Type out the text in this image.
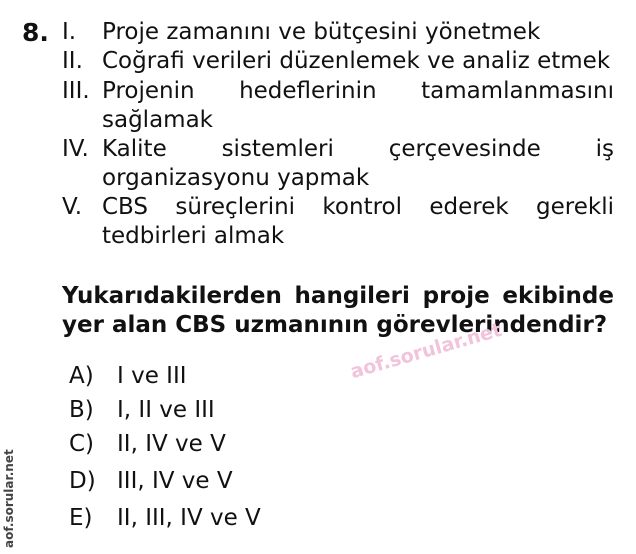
8. I. Proje zamanını ve bütçesini yönetmek
II. Coğrafi verileri düzenlemek ve analiz etmek
III. Projenin hedeflerinin tamamlanmasını sağlamak
IV. Kalite sistemleri çerçevesinde iş organizasyonu yapmak
V. CBS süreçlerini kontrol ederek gerekli tedbirleri almak
Yukarıdakilerden hangileri proje ekibinde yer alan CBS uzmanının görevlerindendir?
A) I ve III
B) I, II ve III
C) II, IV ve V
D) III, IV ve V
E) II, III, IV ve V
aof.sorular.net
aof.sorular.net
